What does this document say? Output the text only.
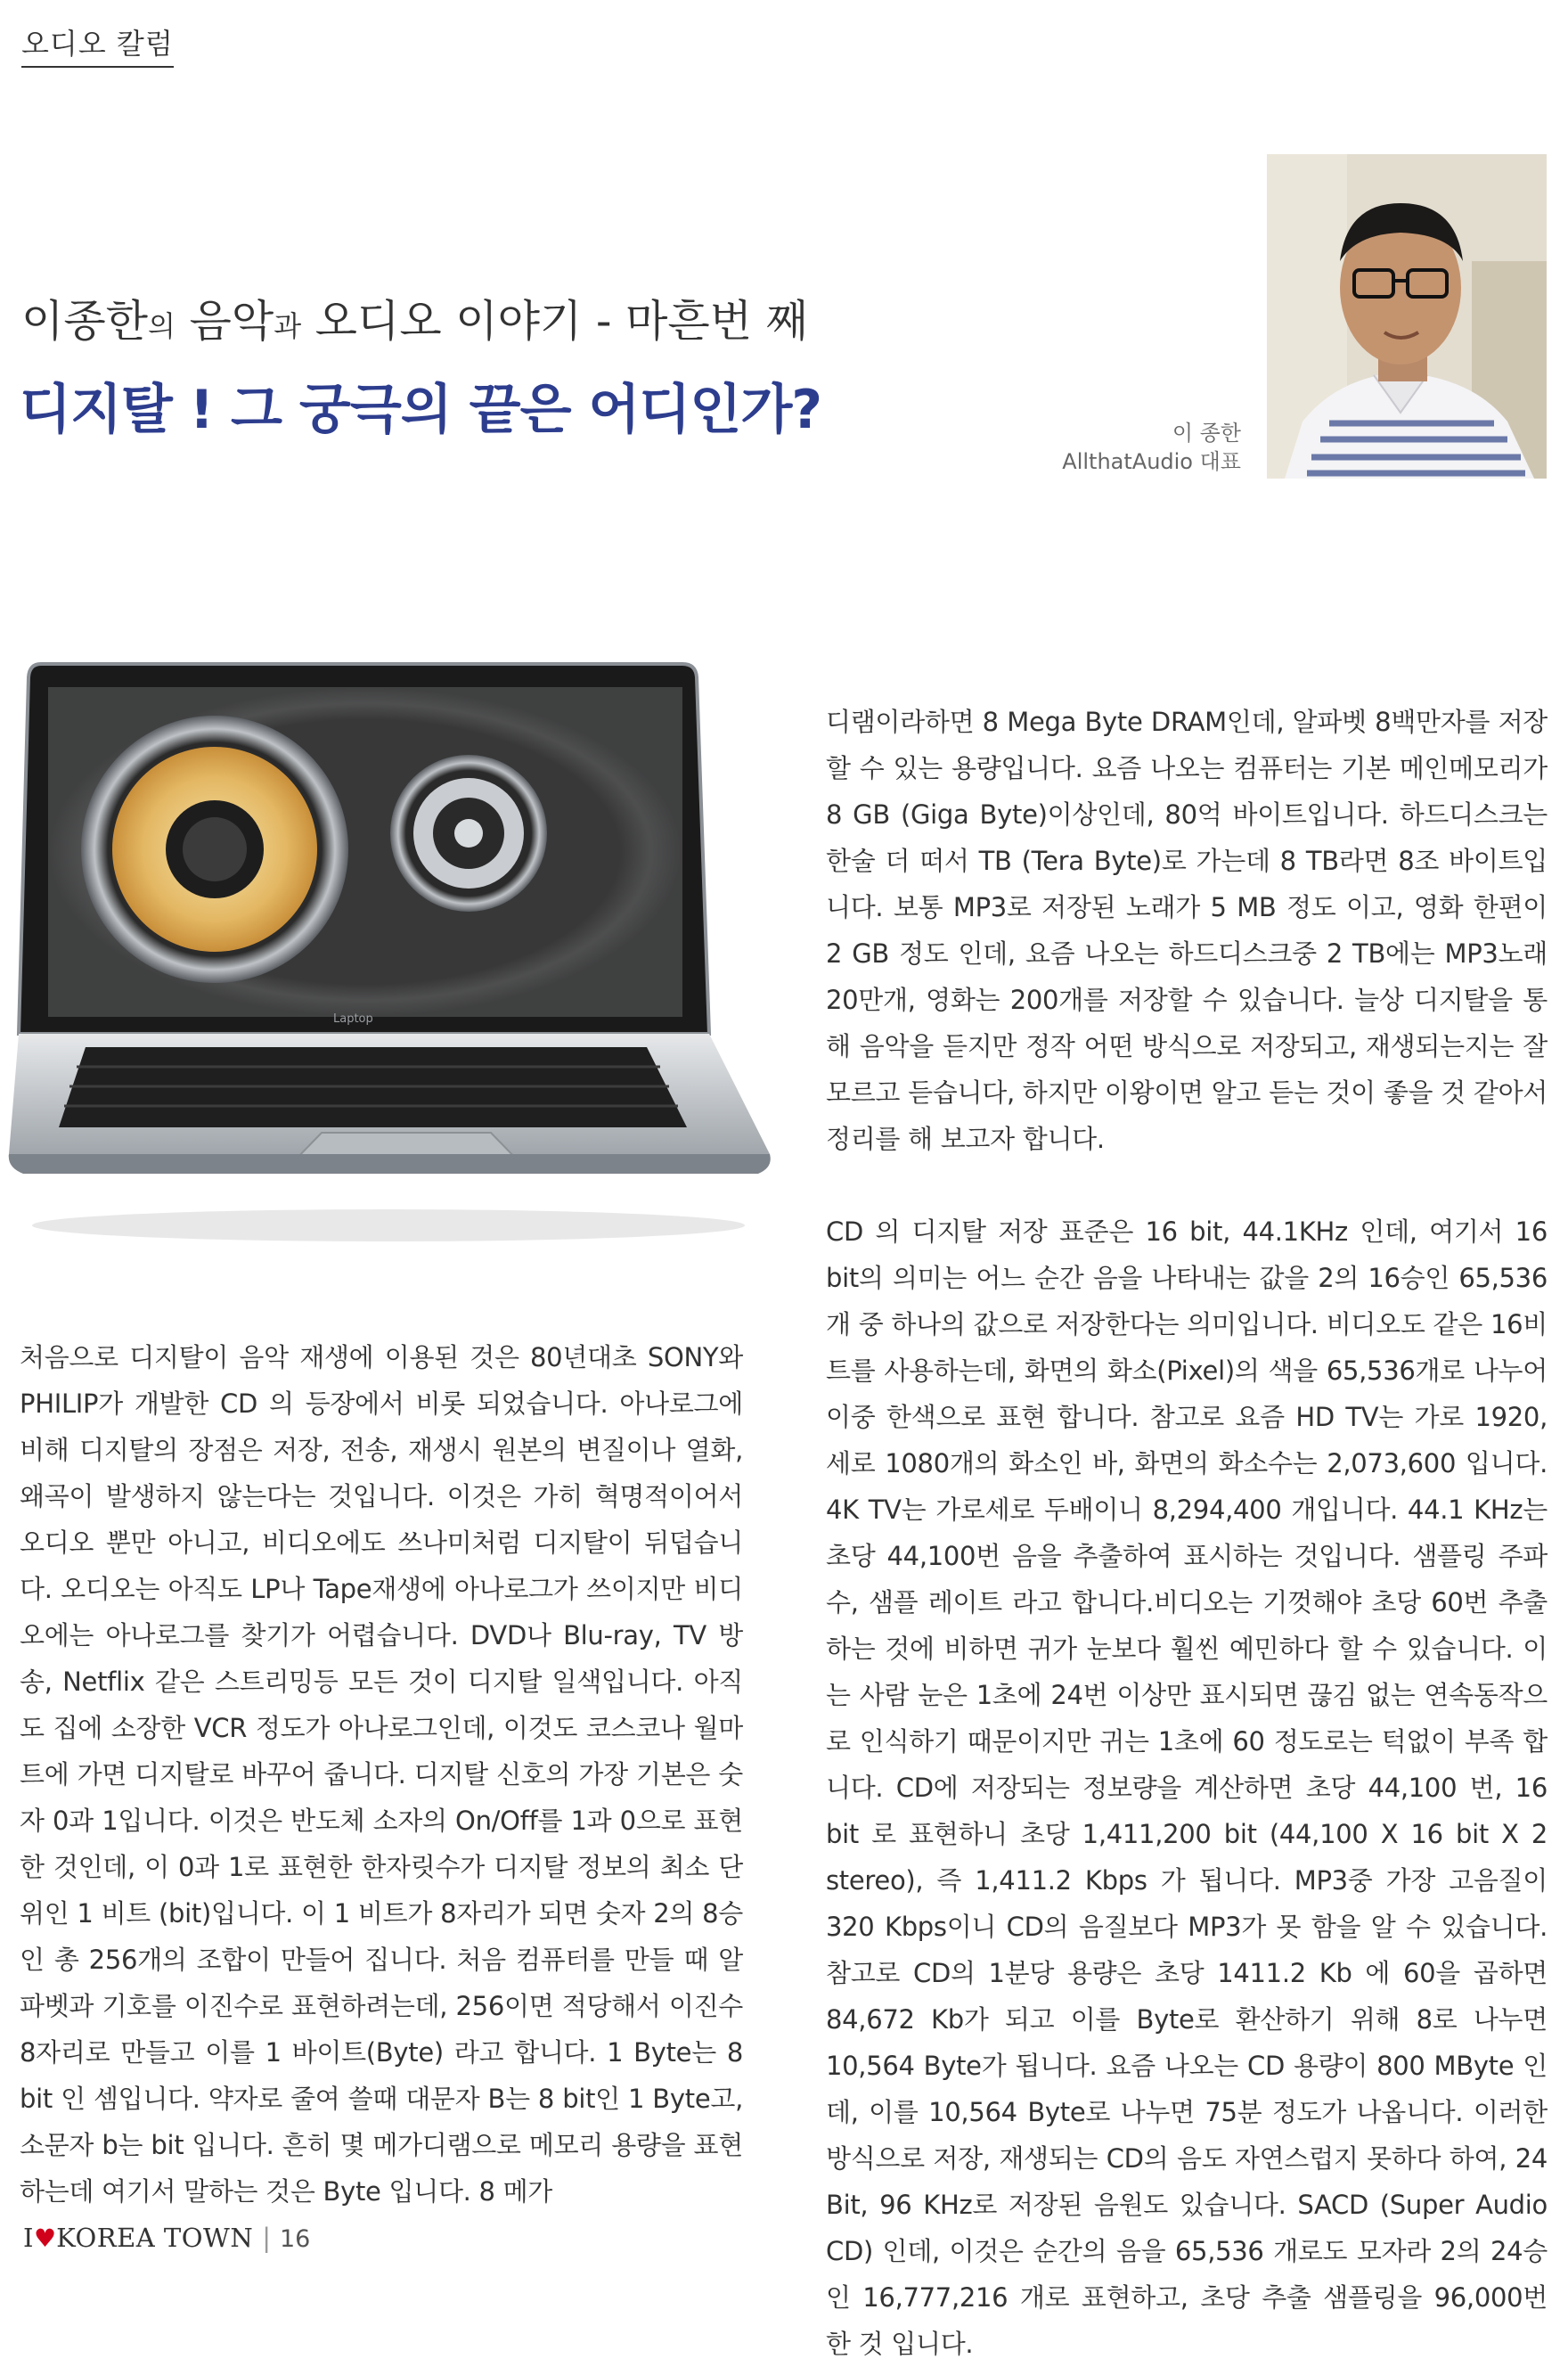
오디오 칼럼
이종한의 음악과 오디오 이야기 - 마흔번 째
디지탈 ! 그 궁극의 끝은 어디인가?	이 종한
AllthatAudio 대표
Laptop

처음으로 디지탈이 음악 재생에 이용된 것은 80년대초 SONY와 PHILIP가 개발한 CD 의 등장에서 비롯 되었습니다. 아나로그에 비해 디지탈의 장점은 저장, 전송, 재생시 원본의 변질이나 열화, 왜곡이 발생하지 않는다는 것입니다. 이것은 가히 혁명적이어서 오디오 뿐만 아니고, 비디오에도 쓰나미처럼 디지탈이 뒤덥습니다. 오디오는 아직도 LP나 Tape재생에 아나로그가 쓰이지만 비디오에는 아나로그를 찾기가 어렵습니다. DVD나 Blu-ray, TV 방송, Netflix 같은 스트리밍등 모든 것이 디지탈 일색입니다. 아직도 집에 소장한 VCR 정도가 아나로그인데, 이것도 코스코나 월마트에 가면 디지탈로 바꾸어 줍니다. 디지탈 신호의 가장 기본은 숫자 0과 1입니다. 이것은 반도체 소자의 On/Off를 1과 0으로 표현 한 것인데, 이 0과 1로 표현한 한자릿수가 디지탈 정보의 최소 단위인 1 비트 (bit)입니다. 이 1 비트가 8자리가 되면 숫자 2의 8승인 총 256개의 조합이 만들어 집니다. 처음 컴퓨터를 만들 때 알파벳과 기호를 이진수로 표현하려는데, 256이면 적당해서 이진수 8자리로 만들고 이를 1 바이트(Byte) 라고 합니다. 1 Byte는 8 bit 인 셈입니다. 약자로 줄여 쓸때 대문자 B는 8 bit인 1 Byte고, 소문자 b는 bit 입니다. 흔히 몇 메가디램으로 메모리 용량을 표현하는데 여기서 말하는 것은 Byte 입니다. 8 메가

디램이라하면 8 Mega Byte DRAM인데, 알파벳 8백만자를 저장할 수 있는 용량입니다. 요즘 나오는 컴퓨터는 기본 메인메모리가 8 GB (Giga Byte)이상인데, 80억 바이트입니다. 하드디스크는 한술 더 떠서 TB (Tera Byte)로 가는데 8 TB라면 8조 바이트입니다. 보통 MP3로 저장된 노래가 5 MB 정도 이고, 영화 한편이 2 GB 정도 인데, 요즘 나오는 하드디스크중 2 TB에는 MP3노래 20만개, 영화는 200개를 저장할 수 있습니다. 늘상 디지탈을 통해 음악을 듣지만 정작 어떤 방식으로 저장되고, 재생되는지는 잘 모르고 듣습니다, 하지만 이왕이면 알고 듣는 것이 좋을 것 같아서 정리를 해 보고자 합니다.

CD 의 디지탈 저장 표준은 16 bit, 44.1KHz 인데, 여기서 16 bit의 의미는 어느 순간 음을 나타내는 값을 2의 16승인 65,536개 중 하나의 값으로 저장한다는 의미입니다. 비디오도 같은 16비트를 사용하는데, 화면의 화소(Pixel)의 색을 65,536개로 나누어 이중 한색으로 표현 합니다. 참고로 요즘 HD TV는 가로 1920, 세로 1080개의 화소인 바, 화면의 화소수는 2,073,600 입니다. 4K TV는 가로세로 두배이니 8,294,400 개입니다. 44.1 KHz는 초당 44,100번 음을 추출하여 표시하는 것입니다. 샘플링 주파수, 샘플 레이트 라고 합니다.비디오는 기껏해야 초당 60번 추출하는 것에 비하면 귀가 눈보다 훨씬 예민하다 할 수 있습니다. 이는 사람 눈은 1초에 24번 이상만 표시되면 끊김 없는 연속동작으로 인식하기 때문이지만 귀는 1초에 60 정도로는 턱없이 부족 합니다. CD에 저장되는 정보량을 계산하면 초당 44,100 번, 16 bit 로 표현하니 초당 1,411,200 bit (44,100 X 16 bit X 2 stereo), 즉 1,411.2 Kbps 가 됩니다. MP3중 가장 고음질이 320 Kbps이니 CD의 음질보다 MP3가 못 함을 알 수 있습니다. 참고로 CD의 1분당 용량은 초당 1411.2 Kb 에 60을 곱하면 84,672 Kb가 되고 이를 Byte로 환산하기 위해 8로 나누면 10,564 Byte가 됩니다. 요즘 나오는 CD 용량이 800 MByte 인데, 이를 10,564 Byte로 나누면 75분 정도가 나옵니다. 이러한 방식으로 저장, 재생되는 CD의 음도 자연스럽지 못하다 하여, 24 Bit, 96 KHz로 저장된 음원도 있습니다. SACD (Super Audio CD) 인데, 이것은 순간의 음을 65,536 개로도 모자라 2의 24승인 16,777,216 개로 표현하고, 초당 추출 샘플링을 96,000번 한 것 입니다.

I♥KOREA TOWN | 16
